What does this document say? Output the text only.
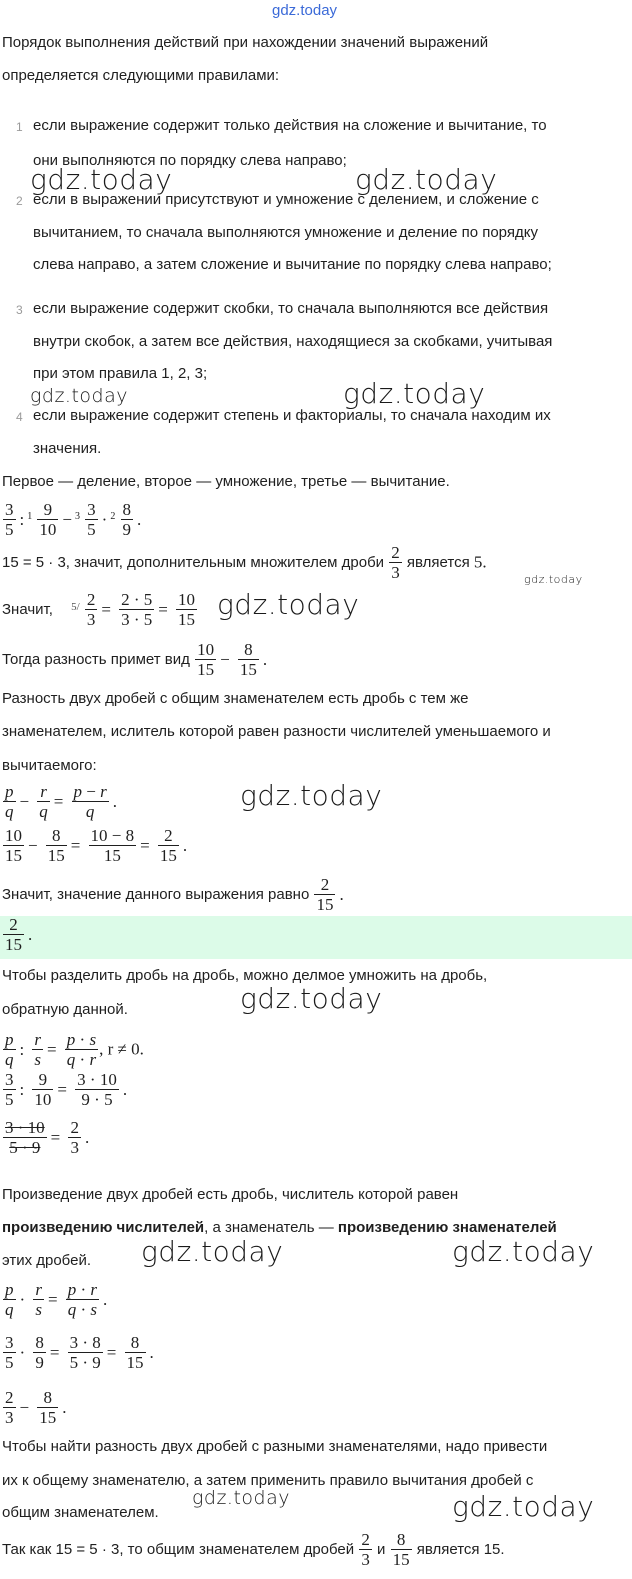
gdz.today
Порядок выполнения действий при нахождении значений выражений
определяется следующими правилами:
1 если выражение содержит только действия на сложение и вычитание, то
они выполняются по порядку слева направо;
2 если в выражении присутствуют и умножение с делением, и сложение с
вычитанием, то сначала выполняются умножение и деление по порядку
слева направо, а затем сложение и вычитание по порядку слева направо;
3 если выражение содержит скобки, то сначала выполняются все действия
внутри скобок, а затем все действия, находящиеся за скобками, учитывая
при этом правила 1, 2, 3;
4 если выражение содержит степень и факториалы, то сначала находим их
значения.
Первое — деление, второе — умножение, третье — вычитание.
$\frac{3}{5}$ : $1 \frac{9}{10} - 3 \frac{3}{5} \cdot 2 \frac{8}{9}$ .
15 = 5 · 3, значит, дополнительным множителем дроби $\frac{2}{3}$ является 5.
Значит, $5/ \frac{2}{3} = \frac{2 \cdot 5}{3 \cdot 5} = \frac{10}{15}$
Тогда разность примет вид $\frac{10}{15} - \frac{8}{15}$ .
Разность двух дробей с общим знаменателем есть дробь с тем же
знаменателем, ислитель которой равен разности числителей уменьшаемого и
вычитаемого:
$\frac{p}{q} - \frac{r}{q} = \frac{p - r}{q}$ .
$\frac{10}{15} - \frac{8}{15} = \frac{10 - 8}{15} = \frac{2}{15}$ .
Значит, значение данного выражения равно $\frac{2}{15}$ .
$\frac{2}{15}$ .
Чтобы разделить дробь на дробь, можно делмое умножить на дробь,
обратную данной.
$\frac{p}{q}$ : $\frac{r}{s} = \frac{p \cdot s}{q \cdot r}$ , r ≠ 0.
$\frac{3}{5}$ : $\frac{9}{10} = \frac{3 \cdot 10}{9 \cdot 5}$ .
$\frac{3 \cdot 10}{5 \cdot 9} = \frac{2}{3}$ .
Произведение двух дробей есть дробь, числитель которой равен
произведению числителей, а знаменатель — произведению знаменателей
этих дробей.
$\frac{p}{q} \cdot \frac{r}{s} = \frac{p \cdot r}{q \cdot s}$ .
$\frac{3}{5} \cdot \frac{8}{9} = \frac{3 \cdot 8}{5 \cdot 9} = \frac{8}{15}$ .
$\frac{2}{3} - \frac{8}{15}$ .
Чтобы найти разность двух дробей с разными знаменателями, надо привести
их к общему знаменателю, а затем применить правило вычитания дробей с
общим знаменателем.
Так как 15 = 5 · 3, то общим знаменателем дробей $\frac{2}{3}$ и $\frac{8}{15}$ является 15.
gdz.today	gdz.today
gdz.today	gdz.today
gdz.today
gdz.today
gdz.today
gdz.today
gdz.today	gdz.today
gdz.today	gdz.today
